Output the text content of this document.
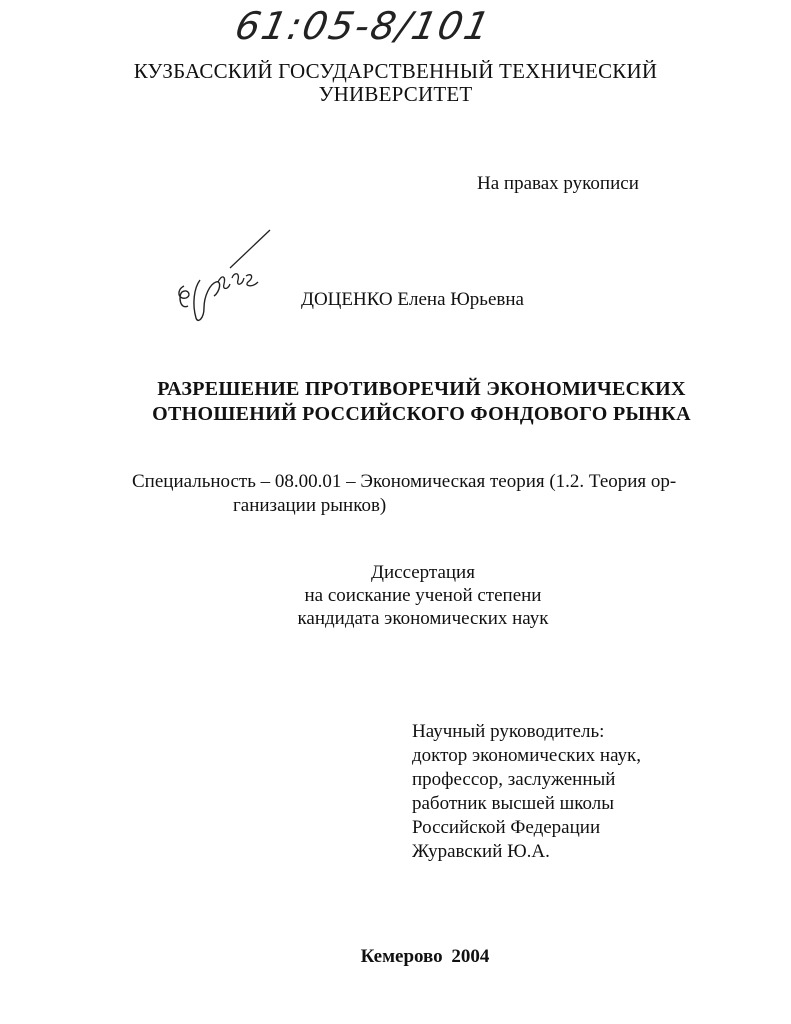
61:05-8/101
КУЗБАССКИЙ ГОСУДАРСТВЕННЫЙ ТЕХНИЧЕСКИЙ
УНИВЕРСИТЕТ
На правах рукописи
ДОЦЕНКО Елена Юрьевна
РАЗРЕШЕНИЕ ПРОТИВОРЕЧИЙ ЭКОНОМИЧЕСКИХ
ОТНОШЕНИЙ РОССИЙСКОГО ФОНДОВОГО РЫНКА
Специальность – 08.00.01 – Экономическая теория (1.2. Теория ор-
ганизации рынков)
Диссертация
на соискание ученой степени
кандидата экономических наук
Научный руководитель:
доктор экономических наук,
профессор, заслуженный
работник высшей школы
Российской Федерации
Журавский Ю.А.
Кемерово 2004
